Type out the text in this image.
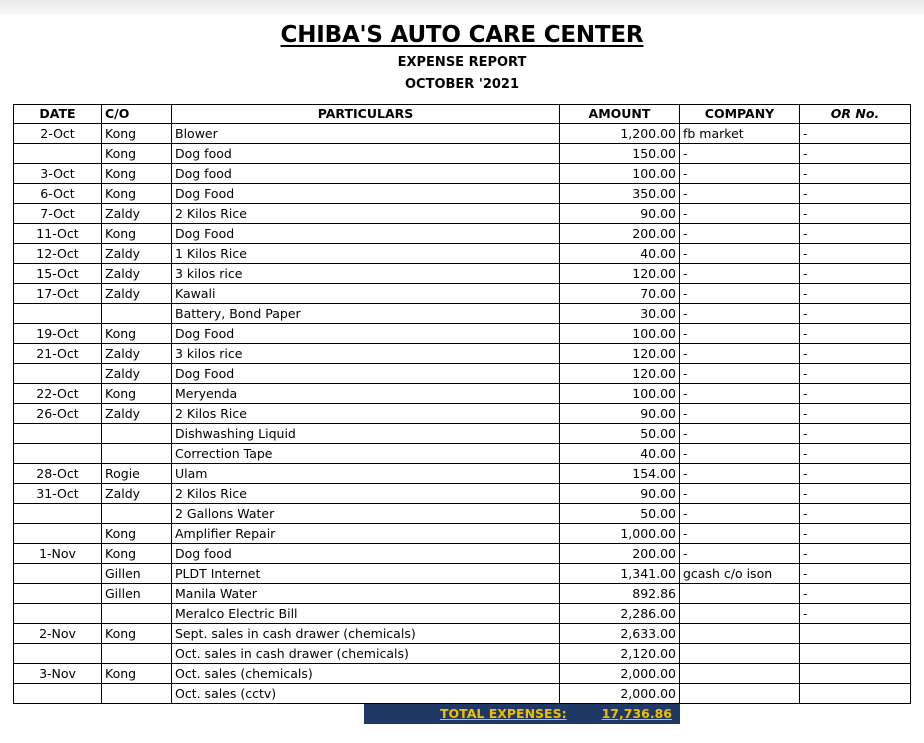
CHIBA'S AUTO CARE CENTER
EXPENSE REPORT
OCTOBER '2021
DATE	C/O	PARTICULARS	AMOUNT	COMPANY	OR No.
2-Oct	Kong	Blower	1,200.00	fb market	-
	Kong	Dog food	150.00	-	-
3-Oct	Kong	Dog food	100.00	-	-
6-Oct	Kong	Dog Food	350.00	-	-
7-Oct	Zaldy	2 Kilos Rice	90.00	-	-
11-Oct	Kong	Dog Food	200.00	-	-
12-Oct	Zaldy	1 Kilos Rice	40.00	-	-
15-Oct	Zaldy	3 kilos rice	120.00	-	-
17-Oct	Zaldy	Kawali	70.00	-	-
		Battery, Bond Paper	30.00	-	-
19-Oct	Kong	Dog Food	100.00	-	-
21-Oct	Zaldy	3 kilos rice	120.00	-	-
	Zaldy	Dog Food	120.00	-	-
22-Oct	Kong	Meryenda	100.00	-	-
26-Oct	Zaldy	2 Kilos Rice	90.00	-	-
		Dishwashing Liquid	50.00	-	-
		Correction Tape	40.00	-	-
28-Oct	Rogie	Ulam	154.00	-	-
31-Oct	Zaldy	2 Kilos Rice	90.00	-	-
		2 Gallons Water	50.00	-	-
	Kong	Amplifier Repair	1,000.00	-	-
1-Nov	Kong	Dog food	200.00	-	-
	Gillen	PLDT Internet	1,341.00	gcash c/o ison	-
	Gillen	Manila Water	892.86		-
		Meralco Electric Bill	2,286.00		-
2-Nov	Kong	Sept. sales in cash drawer (chemicals)	2,633.00		
		Oct. sales in cash drawer (chemicals)	2,120.00		
3-Nov	Kong	Oct. sales (chemicals)	2,000.00		
		Oct. sales (cctv)	2,000.00		
TOTAL EXPENSES:	17,736.86
